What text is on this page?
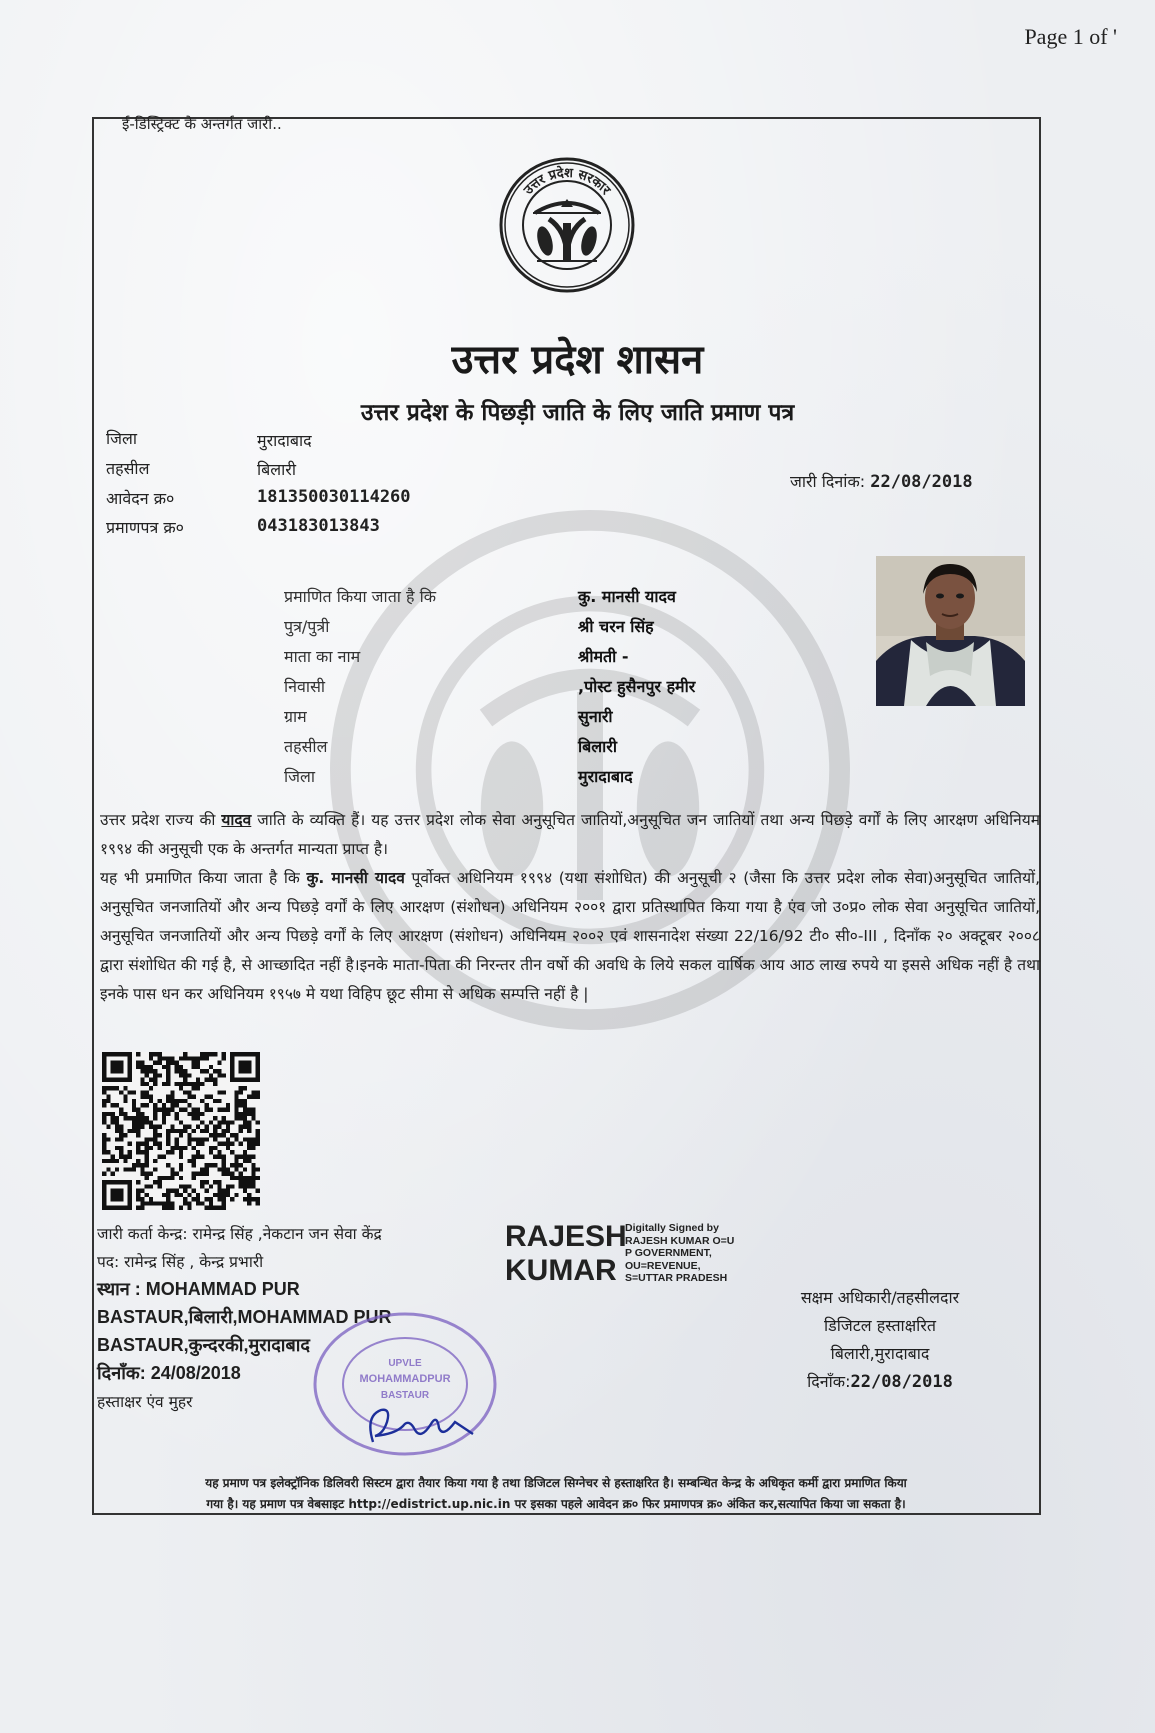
Page 1 of '
ई-डिस्ट्रिक्ट के अन्तर्गत जारी..
उत्तर प्रदेश सरकार
उत्तर प्रदेश शासन
उत्तर प्रदेश के पिछड़ी जाति के लिए जाति प्रमाण पत्र
जिला	मुरादाबाद
तहसील	बिलारी
आवेदन क्र०	181350030114260
प्रमाणपत्र क्र०	043183013843
जारी दिनांक: 22/08/2018
प्रमाणित किया जाता है कि	कु. मानसी यादव
पुत्र/पुत्री	श्री चरन सिंह
माता का नाम	श्रीमती -
निवासी	,पोस्ट हुसैनपुर हमीर
ग्राम	सुनारी
तहसील	बिलारी
जिला	मुरादाबाद
उत्तर प्रदेश राज्य की यादव जाति के व्यक्ति हैं। यह उत्तर प्रदेश लोक सेवा अनुसूचित जातियों,अनुसूचित जन जातियों तथा अन्य पिछड़े वर्गों के लिए आरक्षण अधिनियम १९९४ की अनुसूची एक के अन्तर्गत मान्यता प्राप्त है।
यह भी प्रमाणित किया जाता है कि कु. मानसी यादव पूर्वोक्त अधिनियम १९९४ (यथा संशोधित) की अनुसूची २ (जैसा कि उत्तर प्रदेश लोक सेवा)अनुसूचित जातियों, अनुसूचित जनजातियों और अन्य पिछड़े वर्गों के लिए आरक्षण (संशोधन) अधिनियम २००१ द्वारा प्रतिस्थापित किया गया है एंव जो उ०प्र० लोक सेवा अनुसूचित जातियों, अनुसूचित जनजातियों और अन्य पिछड़े वर्गों के लिए आरक्षण (संशोधन) अधिनियम २००२ एवं शासनादेश संख्या 22/16/92 टी० सी०-III , दिनाँक २० अक्टूबर २००८ द्वारा संशोधित की गई है, से आच्छादित नहीं है।इनके माता-पिता की निरन्तर तीन वर्षो की अवधि के लिये सकल वार्षिक आय आठ लाख रुपये या इससे अधिक नहीं है तथा इनके पास धन कर अधिनियम १९५७ मे यथा विहिप छूट सीमा से अधिक सम्पत्ति नहीं है |
जारी कर्ता केन्द्र: रामेन्द्र सिंह ,नेकटान जन सेवा केंद्र
पद: रामेन्द्र सिंह , केन्द्र प्रभारी
स्थान : MOHAMMAD PUR
BASTAUR,बिलारी,MOHAMMAD PUR
BASTAUR,कुन्दरकी,मुरादाबाद
दिनाँक: 24/08/2018
हस्ताक्षर एंव मुहर
RAJESH
KUMAR
Digitally Signed by
RAJESH KUMAR O=U
P GOVERNMENT,
OU=REVENUE,
S=UTTAR PRADESH
सक्षम अधिकारी/तहसीलदार
डिजिटल हस्ताक्षरित
बिलारी,मुरादाबाद
दिनाँक:22/08/2018
UPVLE
MOHAMMADPUR
BASTAUR
यह प्रमाण पत्र इलेक्ट्रॉनिक डिलिवरी सिस्टम द्वारा तैयार किया गया है तथा डिजिटल सिग्नेचर से हस्ताक्षरित है। सम्बन्धित केन्द्र के अधिकृत कर्मी द्वारा प्रमाणित किया
गया है। यह प्रमाण पत्र वेबसाइट http://edistrict.up.nic.in पर इसका पहले आवेदन क्र० फिर प्रमाणपत्र क्र० अंकित कर,सत्यापित किया जा सकता है।
